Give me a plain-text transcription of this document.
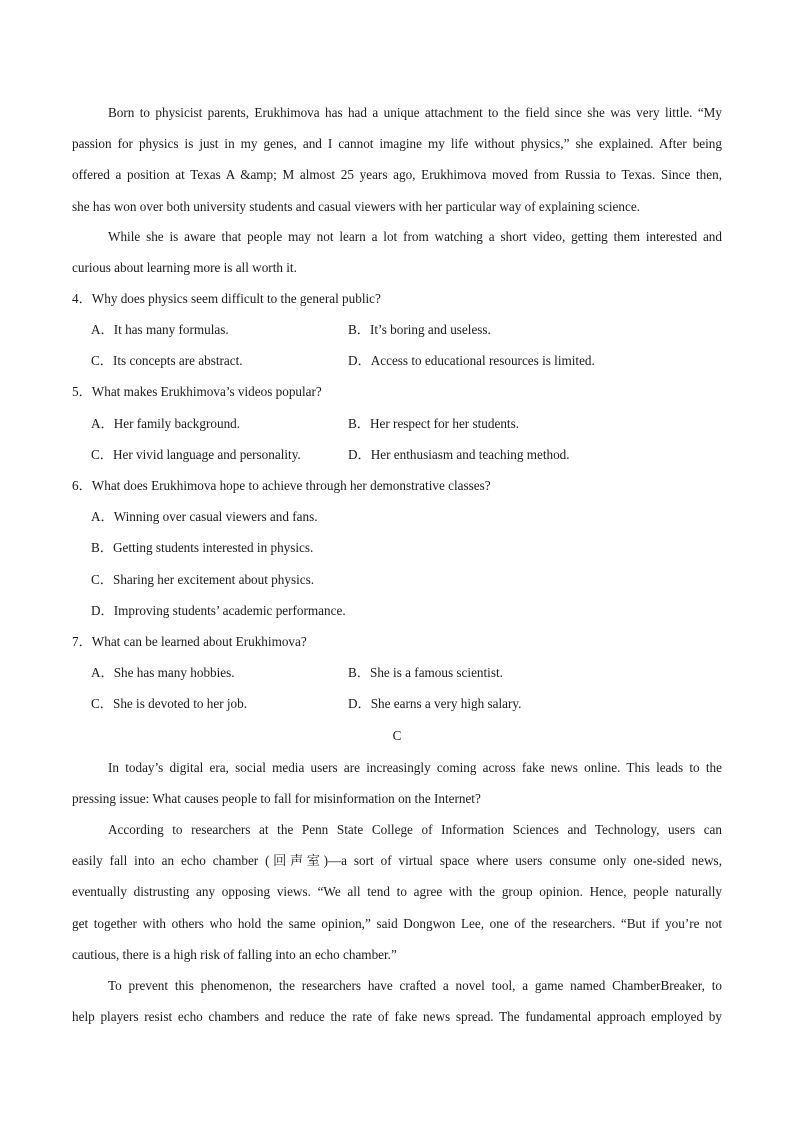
Born to physicist parents, Erukhimova has had a unique attachment to the field since she was very little. “My
passion for physics is just in my genes, and I cannot imagine my life without physics,” she explained. After being
offered a position at Texas A &amp; M almost 25 years ago, Erukhimova moved from Russia to Texas. Since then,
she has won over both university students and casual viewers with her particular way of explaining science.
While she is aware that people may not learn a lot from watching a short video, getting them interested and
curious about learning more is all worth it.
4．Why does physics seem difficult to the general public?
A．It has many formulas.	B．It’s boring and useless.
C．Its concepts are abstract.	D．Access to educational resources is limited.
5．What makes Erukhimova’s videos popular?
A．Her family background.	B．Her respect for her students.
C．Her vivid language and personality.	D．Her enthusiasm and teaching method.
6．What does Erukhimova hope to achieve through her demonstrative classes?
A．Winning over casual viewers and fans.
B．Getting students interested in physics.
C．Sharing her excitement about physics.
D．Improving students’ academic performance.
7．What can be learned about Erukhimova?
A．She has many hobbies.	B．She is a famous scientist.
C．She is devoted to her job.	D．She earns a very high salary.
C
In today’s digital era, social media users are increasingly coming across fake news online. This leads to the
pressing issue: What causes people to fall for misinformation on the Internet?
According to researchers at the Penn State College of Information Sciences and Technology, users can
easily fall into an echo chamber (回声室)—a sort of virtual space where users consume only one-sided news,
eventually distrusting any opposing views. “We all tend to agree with the group opinion. Hence, people naturally
get together with others who hold the same opinion,” said Dongwon Lee, one of the researchers. “But if you’re not
cautious, there is a high risk of falling into an echo chamber.”
To prevent this phenomenon, the researchers have crafted a novel tool, a game named ChamberBreaker, to
help players resist echo chambers and reduce the rate of fake news spread. The fundamental approach employed by
